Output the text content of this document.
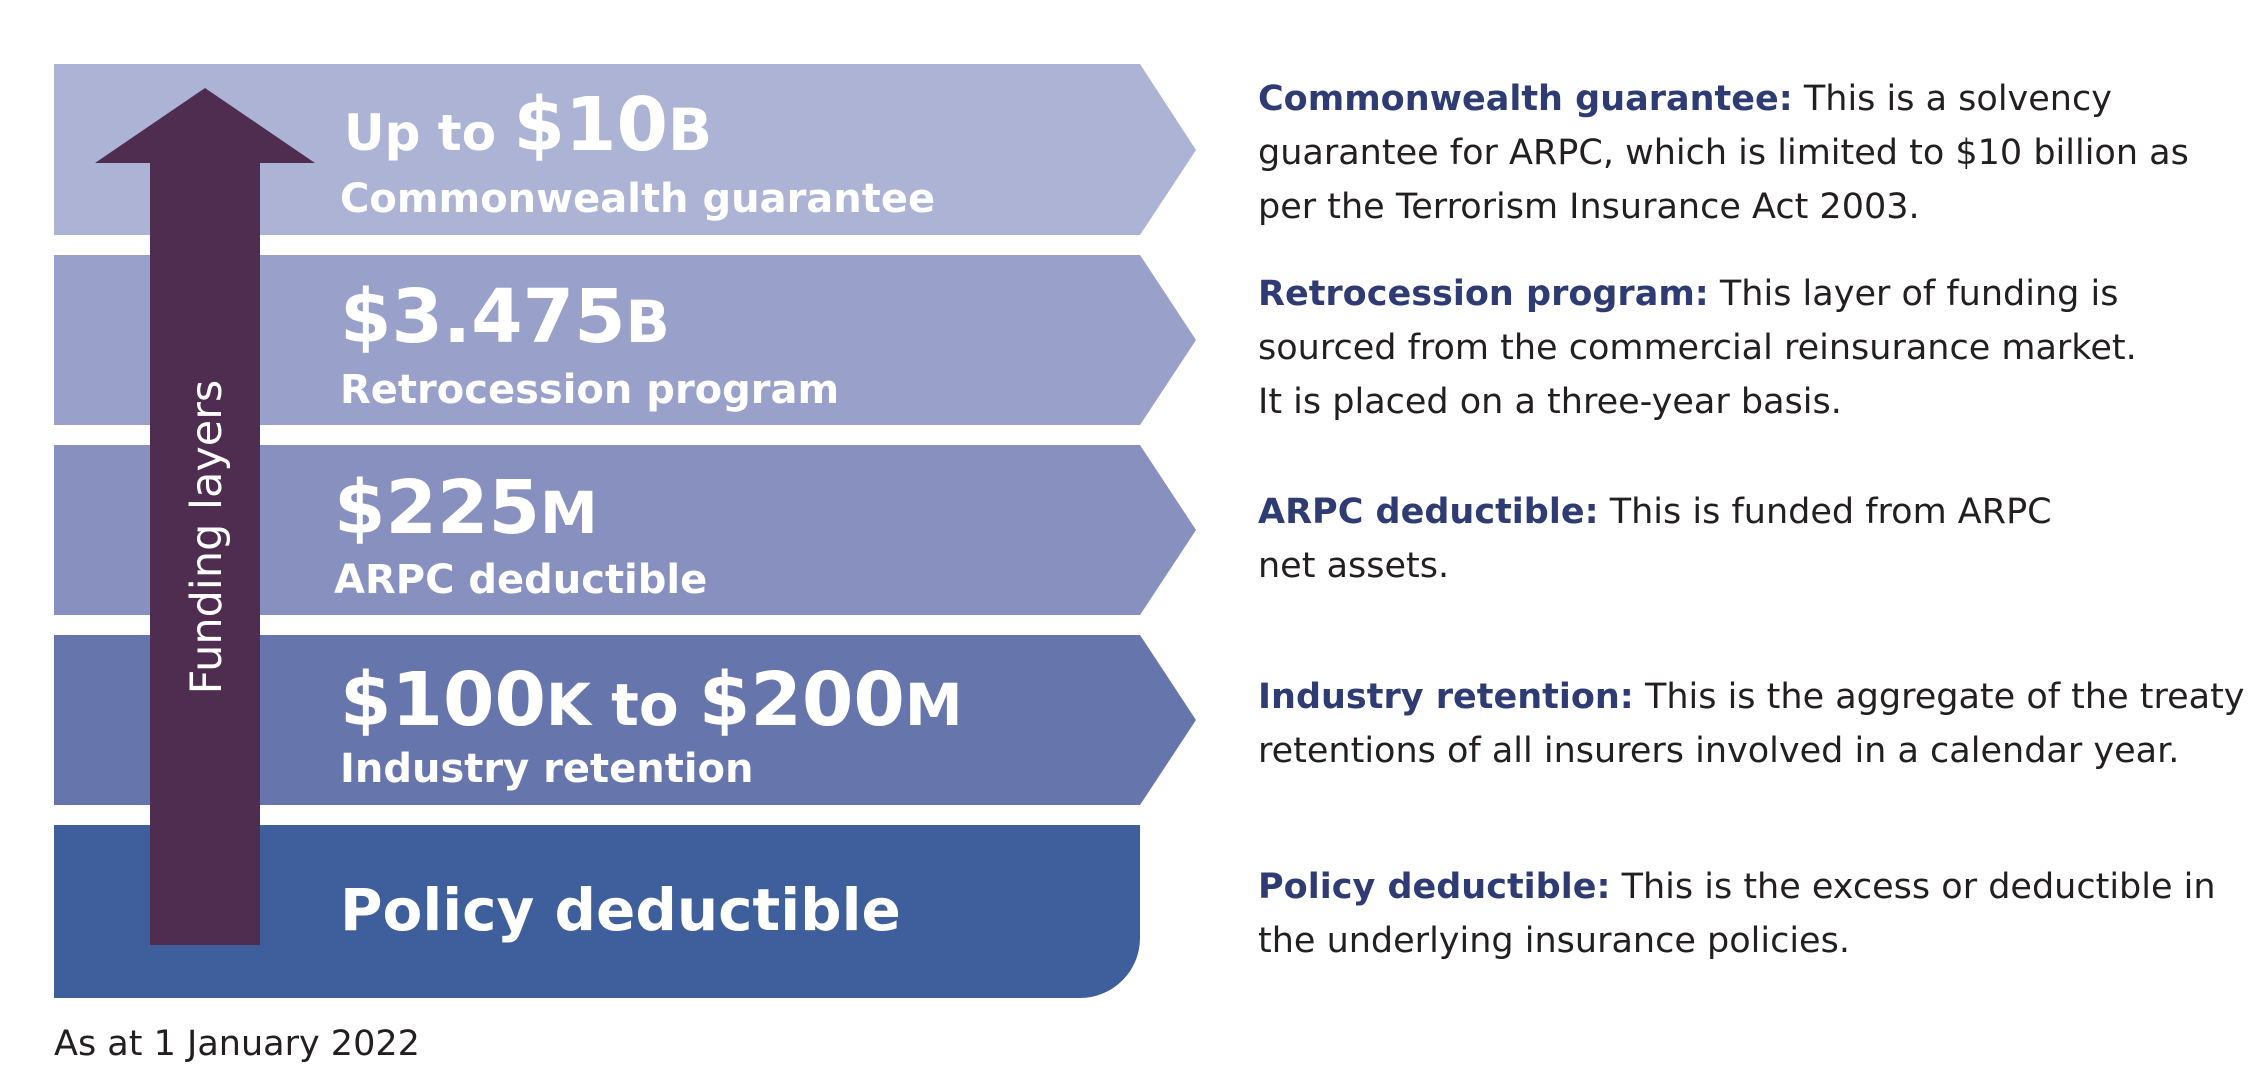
Funding layers
Up to $10B
Commonwealth guarantee
$3.475B
Retrocession program
$225M
ARPC deductible
$100K to $200M
Industry retention
Policy deductible
Commonwealth guarantee: This is a solvency
guarantee for ARPC, which is limited to $10 billion as
per the Terrorism Insurance Act 2003.
Retrocession program: This layer of funding is
sourced from the commercial reinsurance market.
It is placed on a three-year basis.
ARPC deductible: This is funded from ARPC
net assets.
Industry retention: This is the aggregate of the treaty
retentions of all insurers involved in a calendar year.
Policy deductible: This is the excess or deductible in
the underlying insurance policies.
As at 1 January 2022
